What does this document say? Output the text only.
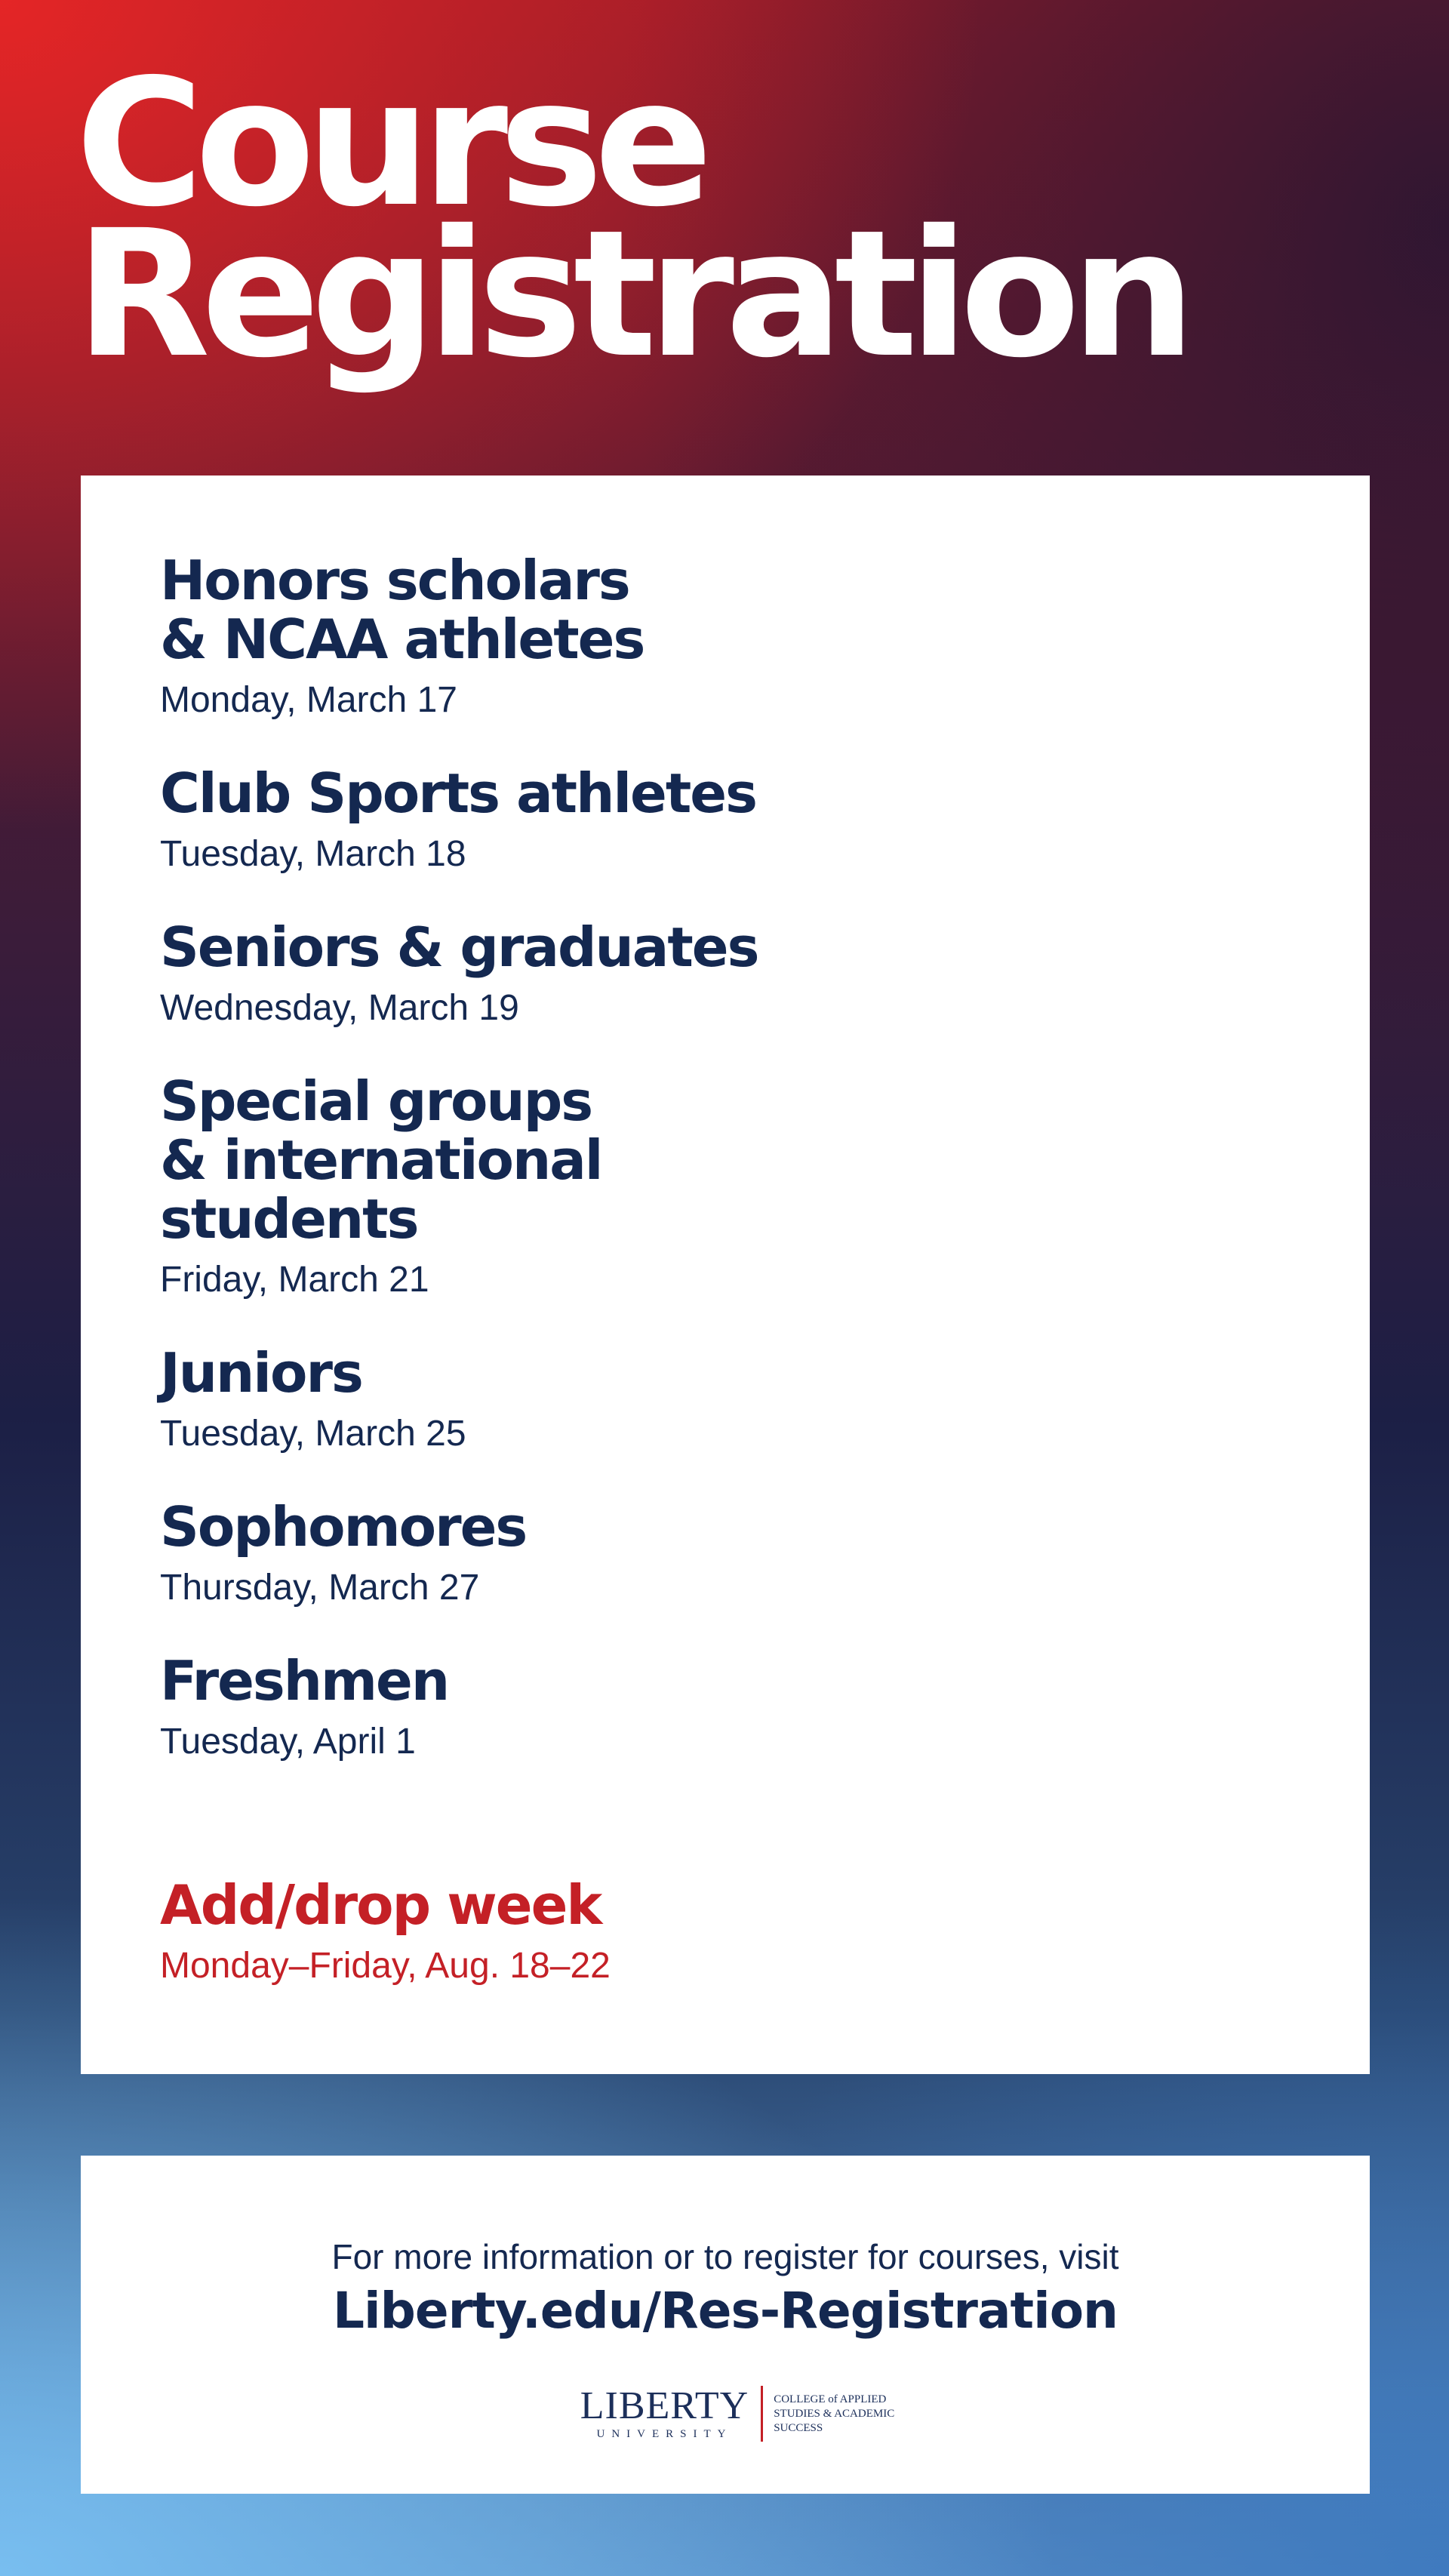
Course
Registration

Honors scholars
& NCAA athletes

Monday, March 17

Club Sports athletes

Tuesday, March 18

Seniors & graduates

Wednesday, March 19

Special groups
& international
students

Friday, March 21

Juniors

Tuesday, March 25

Sophomores

Thursday, March 27

Freshmen

Tuesday, April 1

Add/drop week

Monday–Friday, Aug. 18–22

For more information or to register for courses, visit

Liberty.edu/Res-Registration
LIBERTY
UNIVERSITY
COLLEGE of APPLIED
STUDIES & ACADEMIC
SUCCESS
